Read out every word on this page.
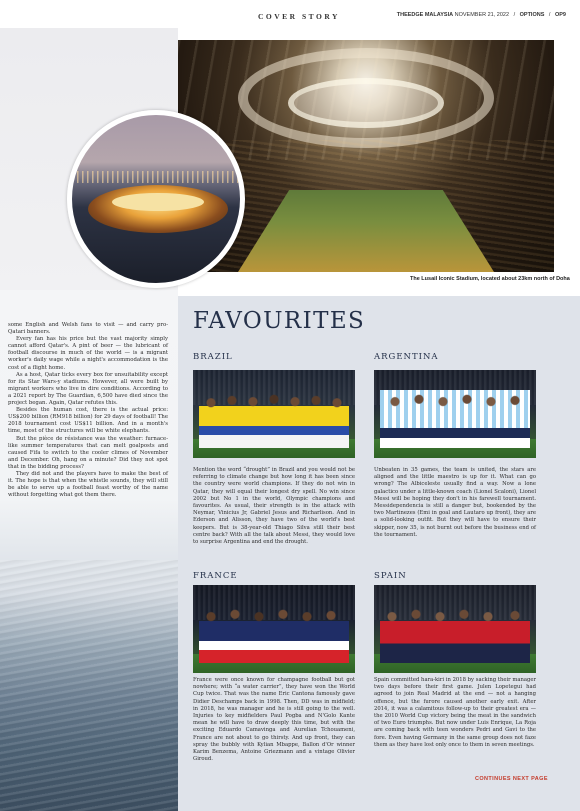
COVER STORY	THEEDGE MALAYSIA NOVEMBER 21, 2022 / OPTIONS / OP9
The Lusail Iconic Stadium, located about 23km north of Doha

some English and Welsh fans to visit — and carry pro-Qatari banners.

Every fan has his price but the vast majority simply cannot afford Qatar's. A pint of beer — the lubricant of football discourse in much of the world — is a migrant worker's daily wage while a night's accommodation is the cost of a flight home.

As a host, Qatar ticks every box for unsuitability except for its Star Wars-y stadiums. However, all were built by migrant workers who live in dire conditions. According to a 2021 report by The Guardian, 6,500 have died since the project began. Again, Qatar refutes this.

Besides the human cost, there is the actual price: US$200 billion (RM918 billion) for 29 days of football! The 2018 tournament cost US$11 billion. And in a month's time, most of the structures will be white elephants.

But the pièce de résistance was the weather: furnace-like summer temperatures that can melt goalposts and caused Fifa to switch to the cooler climes of November and December. Oh, hang on a minute? Did they not spot that in the bidding process?

They did not and the players have to make the best of it. The hope is that when the whistle sounds, they will still be able to serve up a football feast worthy of the name without forgetting what got them there.

FAVOURITES
BRAZIL
Mention the word “drought” in Brazil and you would not be referring to climate change but how long it has been since the country were world champions. If they do not win in Qatar, they will equal their longest dry spell. No win since 2002 but No 1 in the world, Olympic champions and favourites. As usual, their strength is in the attack with Neymar, Vinicius Jr, Gabriel Jesus and Richarlison. And in Ederson and Alisson, they have two of the world's best keepers. But is 38-year-old Thiago Silva still their best centre back? With all the talk about Messi, they would love to surprise Argentina and end the drought.
ARGENTINA
Unbeaten in 35 games, the team is united, the stars are aligned and the little maestro is up for it. What can go wrong? The Albiceleste usually find a way. Now a lone galactico under a little-known coach (Lionel Scaloni), Lionel Messi will be hoping they don't in his farewell tournament. Messidependencia is still a danger but, bookended by the two Martinezes (Emi in goal and Lautaro up front), they are a solid-looking outfit. But they will have to ensure their skipper, now 35, is not burnt out before the business end of the tournament.
FRANCE
France were once known for champagne football but got nowhere; with “a water carrier”, they have won the World Cup twice. That was the name Eric Cantona famously gave Didier Deschamps back in 1998. Then, DD was in midfield; in 2018, he was manager and he is still going to the well. Injuries to key midfielders Paul Pogba and N'Golo Kante mean he will have to draw deeply this time, but with the exciting Eduardo Camavinga and Aurelian Tchouameni, France are not about to go thirsty. And up front, they can spray the bubbly with Kylian Mbappe, Ballon d'Or winner Karim Benzema, Antoine Griezmann and a vintage Olivier Giroud.
SPAIN
Spain committed hara-kiri in 2018 by sacking their manager two days before their first game. Julen Lopetegui had agreed to join Real Madrid at the end — not a hanging offence, but the furore caused another early exit. After 2014, it was a calamitous follow-up to their greatest era — the 2010 World Cup victory being the meat in the sandwich of two Euro triumphs. But now under Luis Enrique, La Roja are coming back with teen wonders Pedri and Gavi to the fore. Even having Germany in the same group does not faze them as they have lost only once to them in seven meetings.
CONTINUES NEXT PAGE
